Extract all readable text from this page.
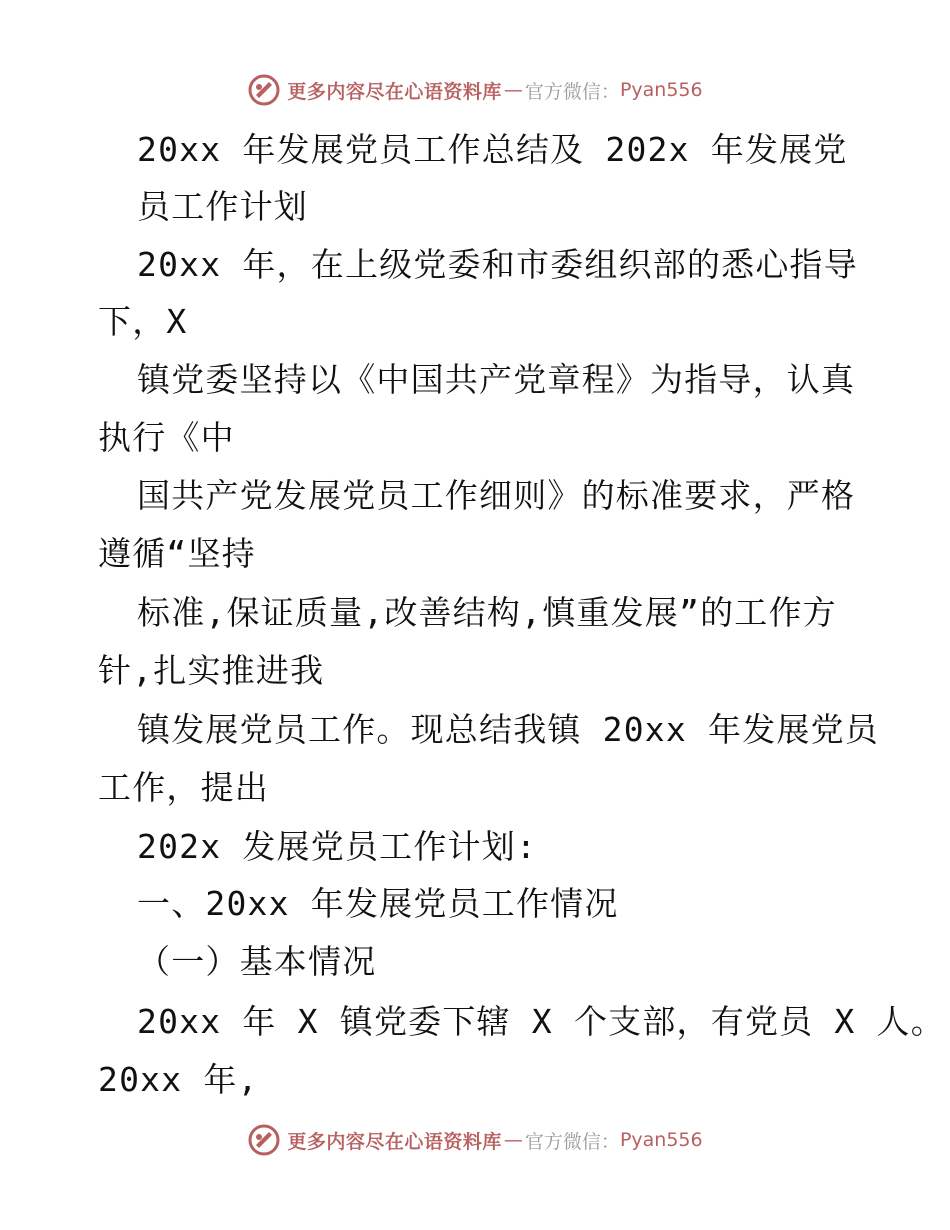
更多内容尽在心语资料库 — 官方微信： Pyan556
20xx 年发展党员工作总结及 202x 年发展党
员工作计划
20xx 年，在上级党委和市委组织部的悉心指导
下，X
镇党委坚持以《中国共产党章程》为指导，认真
执行《中
国共产党发展党员工作细则》的标准要求，严格
遵循“坚持
标准,保证质量,改善结构,慎重发展”的工作方
针,扎实推进我
镇发展党员工作。现总结我镇 20xx 年发展党员
工作，提出
202x 发展党员工作计划:
一、20xx 年发展党员工作情况
（一）基本情况
20xx 年 X 镇党委下辖 X 个支部，有党员 X 人。
20xx 年,
更多内容尽在心语资料库 — 官方微信： Pyan556
